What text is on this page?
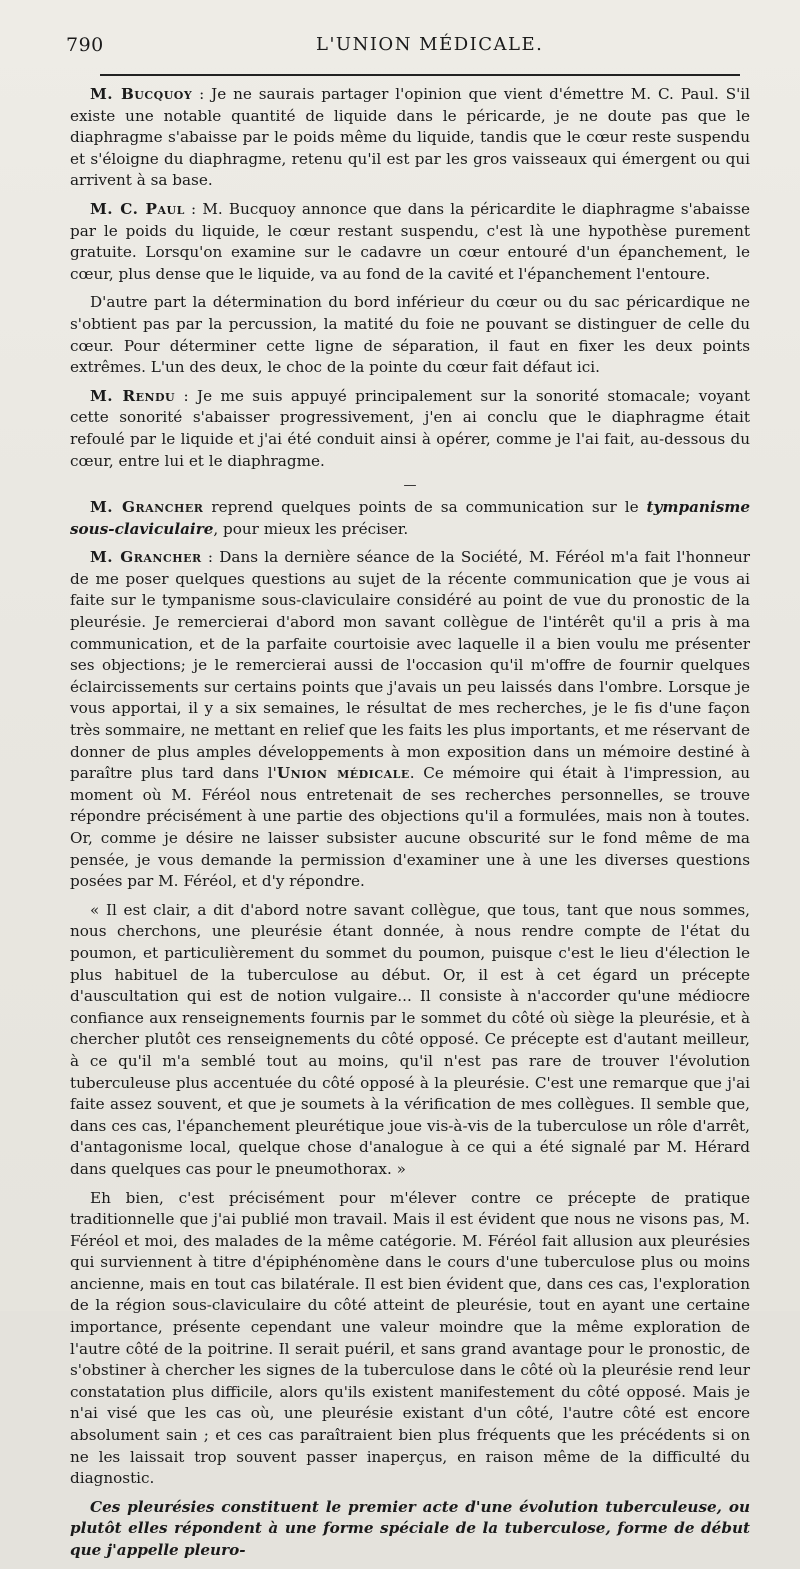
790	L'UNION MÉDICALE.

M. Bucquoy : Je ne saurais partager l'opinion que vient d'émettre M. C. Paul. S'il existe une notable quantité de liquide dans le péricarde, je ne doute pas que le diaphragme s'abaisse par le poids même du liquide, tandis que le cœur reste suspendu et s'éloigne du diaphragme, retenu qu'il est par les gros vaisseaux qui émergent ou qui arrivent à sa base.

M. C. Paul : M. Bucquoy annonce que dans la péricardite le diaphragme s'abaisse par le poids du liquide, le cœur restant suspendu, c'est là une hypothèse purement gratuite. Lorsqu'on examine sur le cadavre un cœur entouré d'un épanchement, le cœur, plus dense que le liquide, va au fond de la cavité et l'épanchement l'entoure.

D'autre part la détermination du bord inférieur du cœur ou du sac péricardique ne s'obtient pas par la percussion, la matité du foie ne pouvant se distinguer de celle du cœur. Pour déterminer cette ligne de séparation, il faut en fixer les deux points extrêmes. L'un des deux, le choc de la pointe du cœur fait défaut ici.

M. Rendu : Je me suis appuyé principalement sur la sonorité stomacale; voyant cette sonorité s'abaisser progressivement, j'en ai conclu que le diaphragme était refoulé par le liquide et j'ai été conduit ainsi à opérer, comme je l'ai fait, au-dessous du cœur, entre lui et le diaphragme.

—

M. Grancher reprend quelques points de sa communication sur le tympanisme sous-claviculaire, pour mieux les préciser.

M. Grancher : Dans la dernière séance de la Société, M. Féréol m'a fait l'honneur de me poser quelques questions au sujet de la récente communication que je vous ai faite sur le tympanisme sous-claviculaire considéré au point de vue du pronostic de la pleurésie. Je remercierai d'abord mon savant collègue de l'intérêt qu'il a pris à ma communication, et de la parfaite courtoisie avec laquelle il a bien voulu me présenter ses objections; je le remercierai aussi de l'occasion qu'il m'offre de fournir quelques éclaircissements sur certains points que j'avais un peu laissés dans l'ombre. Lorsque je vous apportai, il y a six semaines, le résultat de mes recherches, je le fis d'une façon très sommaire, ne mettant en relief que les faits les plus importants, et me réservant de donner de plus amples développements à mon exposition dans un mémoire destiné à paraître plus tard dans l'Union médicale. Ce mémoire qui était à l'impression, au moment où M. Féréol nous entretenait de ses recherches personnelles, se trouve répondre précisément à une partie des objections qu'il a formulées, mais non à toutes. Or, comme je désire ne laisser subsister aucune obscurité sur le fond même de ma pensée, je vous demande la permission d'examiner une à une les diverses questions posées par M. Féréol, et d'y répondre.

« Il est clair, a dit d'abord notre savant collègue, que tous, tant que nous sommes, nous cherchons, une pleurésie étant donnée, à nous rendre compte de l'état du poumon, et particulièrement du sommet du poumon, puisque c'est le lieu d'élection le plus habituel de la tuberculose au début. Or, il est à cet égard un précepte d'auscultation qui est de notion vulgaire... Il consiste à n'accorder qu'une médiocre confiance aux renseignements fournis par le sommet du côté où siège la pleurésie, et à chercher plutôt ces renseignements du côté opposé. Ce précepte est d'autant meilleur, à ce qu'il m'a semblé tout au moins, qu'il n'est pas rare de trouver l'évolution tuberculeuse plus accentuée du côté opposé à la pleurésie. C'est une remarque que j'ai faite assez souvent, et que je soumets à la vérification de mes collègues. Il semble que, dans ces cas, l'épanchement pleurétique joue vis-à-vis de la tuberculose un rôle d'arrêt, d'antagonisme local, quelque chose d'analogue à ce qui a été signalé par M. Hérard dans quelques cas pour le pneumothorax. »

Eh bien, c'est précisément pour m'élever contre ce précepte de pratique traditionnelle que j'ai publié mon travail. Mais il est évident que nous ne visons pas, M. Féréol et moi, des malades de la même catégorie. M. Féréol fait allusion aux pleurésies qui surviennent à titre d'épiphénomène dans le cours d'une tuberculose plus ou moins ancienne, mais en tout cas bilatérale. Il est bien évident que, dans ces cas, l'exploration de la région sous-claviculaire du côté atteint de pleurésie, tout en ayant une certaine importance, présente cependant une valeur moindre que la même exploration de l'autre côté de la poitrine. Il serait puéril, et sans grand avantage pour le pronostic, de s'obstiner à chercher les signes de la tuberculose dans le côté où la pleurésie rend leur constatation plus difficile, alors qu'ils existent manifestement du côté opposé. Mais je n'ai visé que les cas où, une pleurésie existant d'un côté, l'autre côté est encore absolument sain ; et ces cas paraîtraient bien plus fréquents que les précédents si on ne les laissait trop souvent passer inaperçus, en raison même de la difficulté du diagnostic.

Ces pleurésies constituent le premier acte d'une évolution tuberculeuse, ou plutôt elles répondent à une forme spéciale de la tuberculose, forme de début que j'appelle pleuro-
